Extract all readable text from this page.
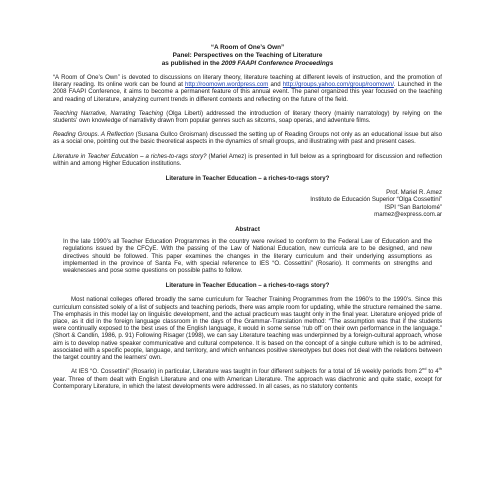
“A Room of One’s Own”
Panel: Perspectives on the Teaching of Literature
as published in the 2009 FAAPI Conference Proceedings

“A Room of One’s Own” is devoted to discussions on literary theory, literature teaching at different levels of instruction, and the promotion of literary reading. Its online work can be found at http://roomown.wordpress.com and http://groups.yahoo.com/group/roomown/. Launched in the 2008 FAAPI Conference, it aims to become a permanent feature of this annual event. The panel organized this year focused on the teaching and reading of Literature, analyzing current trends in different contexts and reflecting on the future of the field.

Teaching Narrative, Narrating Teaching (Olga Liberti) addressed the introduction of literary theory (mainly narratology) by relying on the students’ own knowledge of narrativity drawn from popular genres such as sitcoms, soap operas, and adventure films.

Reading Groups. A Reflection (Susana Gullco Groisman) discussed the setting up of Reading Groups not only as an educational issue but also as a social one, pointing out the basic theoretical aspects in the dynamics of small groups, and illustrating with past and present cases.

Literature in Teacher Education – a riches-to-rags story? (Mariel Amez) is presented in full below as a springboard for discussion and reflection within and among Higher Education institutions.

Literature in Teacher Education – a riches-to-rags story?
Prof. Mariel R. Amez
Instituto de Educación Superior “Olga Cossettini”
ISPI “San Bartolomé”
mamez@express.com.ar
Abstract

In the late 1990’s all Teacher Education Programmes in the country were revised to conform to the Federal Law of Education and the regulations issued by the CFCyE. With the passing of the Law of National Education, new curricula are to be designed, and new directives should be followed. This paper examines the changes in the literary curriculum and their underlying assumptions as implemented in the province of Santa Fe, with special reference to IES “O. Cossettini” (Rosario). It comments on strengths and weaknesses and pose some questions on possible paths to follow.

Literature in Teacher Education – a riches-to-rags story?

Most national colleges offered broadly the same curriculum for Teacher Training Programmes from the 1960’s to the 1990’s. Since this curriculum consisted solely of a list of subjects and teaching periods, there was ample room for updating, while the structure remained the same. The emphasis in this model lay on linguistic development, and the actual practicum was taught only in the final year. Literature enjoyed pride of place, as it did in the foreign language classroom in the days of the Grammar-Translation method: “The assumption was that if the students were continually exposed to the best uses of the English language, it would in some sense ‘rub off’ on their own performance in the language.” (Short & Candlin, 1986, p. 91) Following Risager (1998), we can say Literature teaching was underpinned by a foreign-cultural approach, whose aim is to develop native speaker communicative and cultural competence. It is based on the concept of a single culture which is to be admired, associated with a specific people, language, and territory, and which enhances positive stereotypes but does not deal with the relations between the target country and the learners’ own.

At IES “O. Cossettini” (Rosario) in particular, Literature was taught in four different subjects for a total of 16 weekly periods from 2nd to 4th year. Three of them dealt with English Literature and one with American Literature. The approach was diachronic and quite static, except for Contemporary Literature, in which the latest developments were addressed. In all cases, as no statutory contents
